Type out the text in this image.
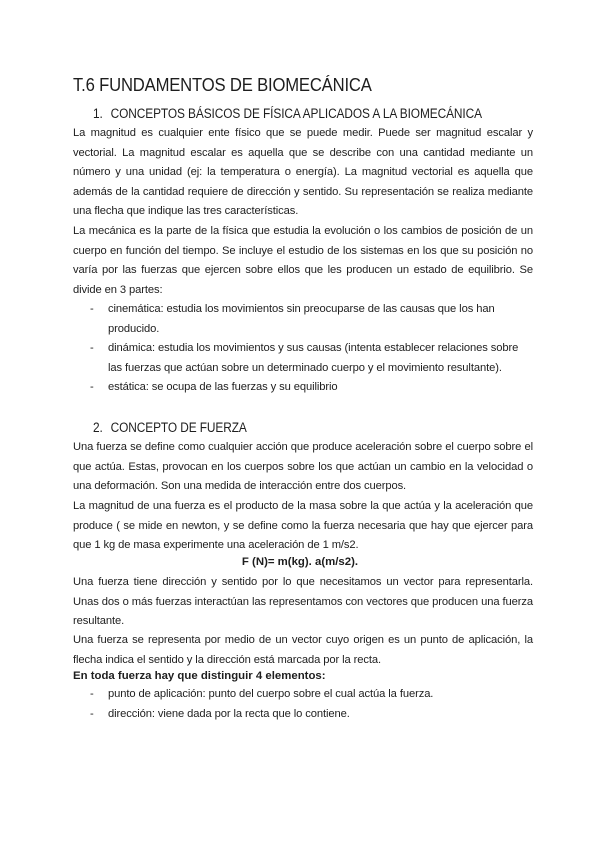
T.6 FUNDAMENTOS DE BIOMECÁNICA
1. CONCEPTOS BÁSICOS DE FÍSICA APLICADOS A LA BIOMECÁNICA

La magnitud es cualquier ente físico que se puede medir. Puede ser magnitud escalar y vectorial. La magnitud escalar es aquella que se describe con una cantidad mediante un número y una unidad (ej: la temperatura o energía). La magnitud vectorial es aquella que además de la cantidad requiere de dirección y sentido. Su representación se realiza mediante una flecha que indique las tres características.

La mecánica es la parte de la física que estudia la evolución o los cambios de posición de un cuerpo en función del tiempo. Se incluye el estudio de los sistemas en los que su posición no varía por las fuerzas que ejercen sobre ellos que les producen un estado de equilibrio. Se divide en 3 partes:

- cinemática: estudia los movimientos sin preocuparse de las causas que los han producido.
- dinámica: estudia los movimientos y sus causas (intenta establecer relaciones sobre las fuerzas que actúan sobre un determinado cuerpo y el movimiento resultante).
- estática: se ocupa de las fuerzas y su equilibrio
2. CONCEPTO DE FUERZA

Una fuerza se define como cualquier acción que produce aceleración sobre el cuerpo sobre el que actúa. Estas, provocan en los cuerpos sobre los que actúan un cambio en la velocidad o una deformación. Son una medida de interacción entre dos cuerpos.

La magnitud de una fuerza es el producto de la masa sobre la que actúa y la aceleración que produce ( se mide en newton, y se define como la fuerza necesaria que hay que ejercer para que 1 kg de masa experimente una aceleración de 1 m/s2.

F (N)= m(kg). a(m/s2).

Una fuerza tiene dirección y sentido por lo que necesitamos un vector para representarla. Unas dos o más fuerzas interactúan las representamos con vectores que producen una fuerza resultante.

Una fuerza se representa por medio de un vector cuyo origen es un punto de aplicación, la flecha indica el sentido y la dirección está marcada por la recta.

En toda fuerza hay que distinguir 4 elementos:

- punto de aplicación: punto del cuerpo sobre el cual actúa la fuerza.
- dirección: viene dada por la recta que lo contiene.
